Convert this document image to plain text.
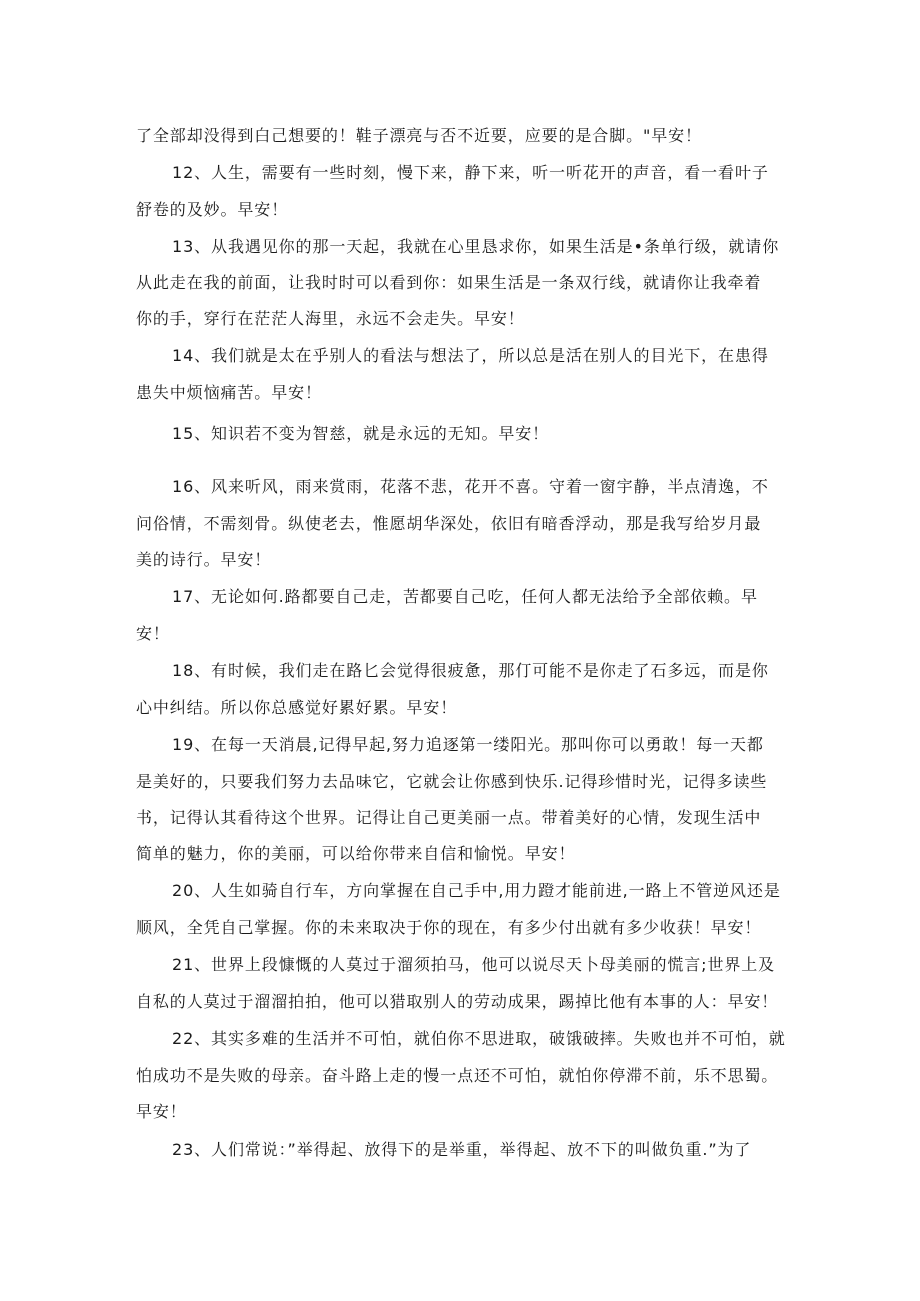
了全部却没得到白己想要的！鞋子漂亮与否不近要，应要的是合脚。"早安！
12、人生，需要有一些时刻，慢下来，静下来，听一听花开的声音，看一看叶子
舒卷的及妙。早安！
13、从我遇见你的那一天起，我就在心里恳求你，如果生活是•条单行级，就请你
从此走在我的前面，让我时时可以看到你：如果生活是一条双行线，就请你让我牵着
你的手，穿行在茫茫人海里，永远不会走失。早安！
14、我们就是太在乎别人的看法与想法了，所以总是活在别人的目光下，在患得
患失中烦恼痛苦。早安！
15、知识若不变为智慈，就是永远的无知。早安！
16、风来听风，雨来赏雨，花落不悲，花开不喜。守着一窗宇静，半点清逸，不
问俗情，不需刻骨。纵使老去，惟愿胡华深处，依旧有暗香浮动，那是我写给岁月最
美的诗行。早安！
17、无论如何.路都要自己走，苦都要自己吃，任何人都无法给予全部依赖。早
安！
18、有时候，我们走在路匕会觉得很疲惫，那仃可能不是你走了石多远，而是你
心中纠结。所以你总感觉好累好累。早安！
19、在每一天消晨,记得早起,努力追逐第一缕阳光。那叫你可以勇敢！每一天都
是美好的，只要我们努力去品味它，它就会让你感到快乐.记得珍惜时光，记得多读些
书，记得认其看待这个世界。记得让自己更美丽一点。带着美好的心情，发现生活中
简单的魅力，你的美丽，可以给你带来自信和愉悦。早安！
20、人生如骑自行车，方向掌握在自己手中,用力蹬才能前进,一路上不管逆风还是
顺风，全凭自己掌握。你的未来取决于你的现在，有多少付出就有多少收获！早安！
21、世界上段慷慨的人莫过于溜须拍马，他可以说尽天卜母美丽的慌言;世界上及
自私的人莫过于溜溜拍拍，他可以猎取别人的劳动成果，踢掉比他有本事的人：早安！
22、其实多难的生活并不可怕，就伯你不思进取，破饿破摔。失败也并不可怕，就
怕成功不是失败的母亲。奋斗路上走的慢一点还不可怕，就怕你停滞不前，乐不思蜀。
早安！
23、人们常说：”举得起、放得下的是举重，举得起、放不下的叫做负重.”为了
